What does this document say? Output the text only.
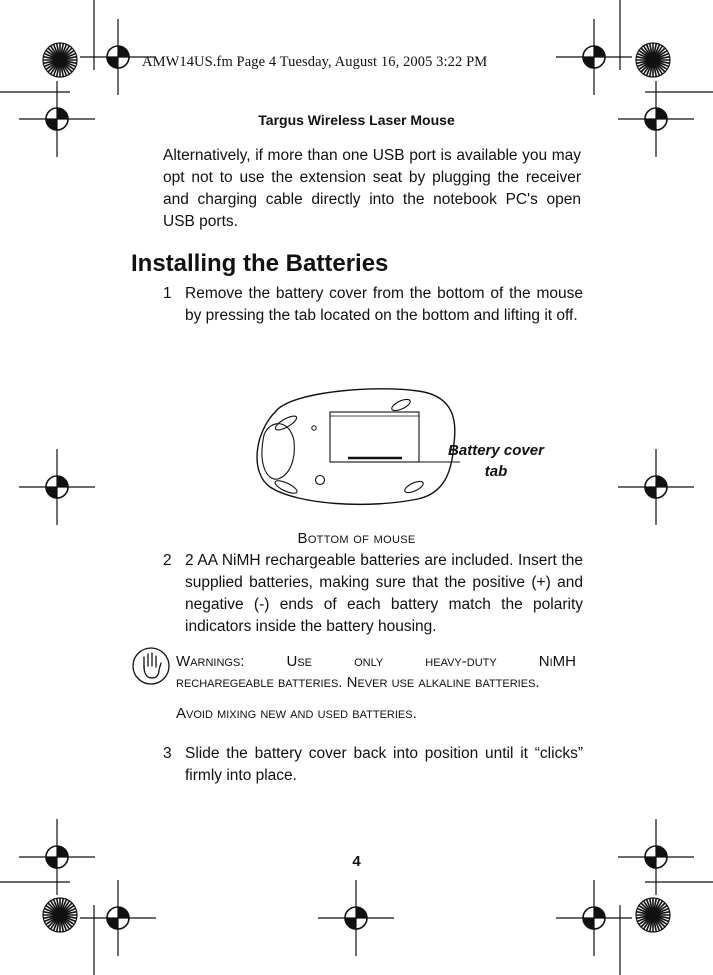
AMW14US.fm Page 4 Tuesday, August 16, 2005 3:22 PM
Targus Wireless Laser Mouse

Alternatively, if more than one USB port is available you may opt not to use the extension seat by plugging the receiver and charging cable directly into the notebook PC's open USB ports.

Installing the Batteries
1 Remove the battery cover from the bottom of the mouse by pressing the tab located on the bottom and lifting it off.

Battery cover
tab
Bottom of mouse
2 2 AA NiMH rechargeable batteries are included. Insert the supplied batteries, making sure that the positive (+) and negative (-) ends of each battery match the polarity indicators inside the battery housing.

Warnings:	Use	only	heavy-duty	NiMH
recharegeable batteries. Never use alkaline batteries.
Avoid mixing new and used batteries.
3 Slide the battery cover back into position until it “clicks” firmly into place.

4
